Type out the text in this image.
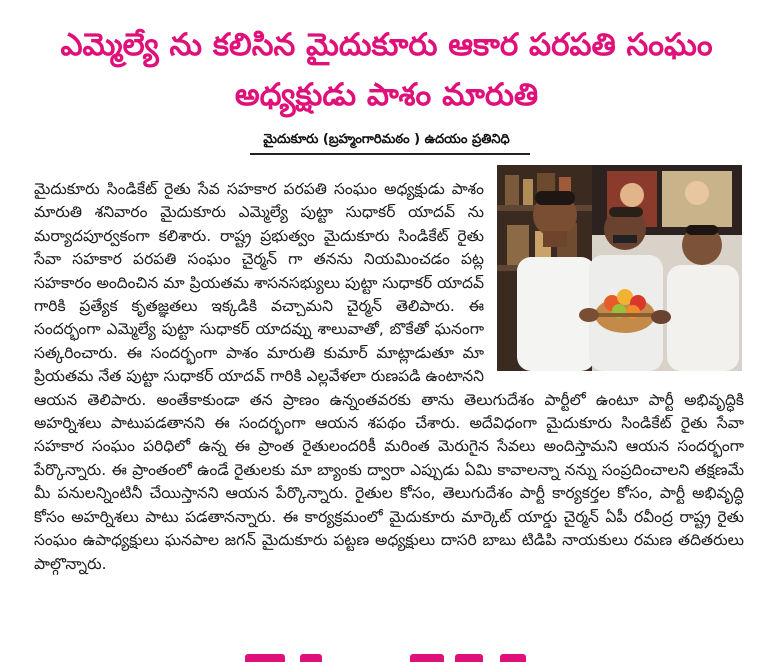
ఎమ్మెల్యే ను కలిసిన మైదుకూరు ఆకార పరపతి సంఘం
అధ్యక్షుడు పాశం మారుతి
మైదుకూరు (బ్రహ్మంగారిమఠం ) ఉదయం ప్రతినిధి
మైదుకూరు సిండికేట్ రైతు సేవ సహకార పరపతి సంఘం అధ్యక్షుడు పాశం మారుతి శనివారం మైదుకూరు ఎమ్మెల్యే పుట్టా సుధాకర్ యాదవ్ ను మర్యాదపూర్వకంగా కలిశారు. రాష్ట్ర ప్రభుత్వం మైదుకూరు సిండికేట్ రైతు సేవా సహకార పరపతి సంఘం చైర్మన్ గా తనను నియమించడం పట్ల సహకారం అందించిన మా ప్రియతమ శాసనసభ్యులు పుట్టా సుధాకర్ యాదవ్ గారికి ప్రత్యేక కృతజ్ఞతలు ఇక్కడికి వచ్చామని చైర్మన్ తెలిపారు. ఈ సందర్భంగా ఎమ్మెల్యే పుట్టా సుధాకర్ యాదవ్ను శాలువాతో, బొకేతో ఘనంగా సత్కరించారు. ఈ సందర్భంగా పాశం మారుతి కుమార్ మాట్లాడుతూ మా ప్రియతమ నేత పుట్టా సుధాకర్ యాదవ్ గారికి ఎల్లవేళలా రుణపడి ఉంటానని ఆయన తెలిపారు. అంతేకాకుండా తన ప్రాణం ఉన్నంతవరకు తాను తెలుగుదేశం పార్టీలో ఉంటూ పార్టీ అభివృద్ధికి అహర్నిశలు పాటుపడతానని ఈ సందర్భంగా ఆయన శపథం చేశారు. అదేవిధంగా మైదుకూరు సిండికేట్ రైతు సేవా సహకార సంఘం పరిధిలో ఉన్న ఈ ప్రాంత రైతులందరికీ మరింత మెరుగైన సేవలు అందిస్తామని ఆయన సందర్భంగా పేర్కొన్నారు. ఈ ప్రాంతంలో ఉండే రైతులకు మా బ్యాంకు ద్వారా ఎప్పుడు ఏమి కావాలన్నా నన్ను సంప్రదించాలని తక్షణమే మీ పనులన్నింటినీ చేయిస్తానని ఆయన పేర్కొన్నారు. రైతుల కోసం, తెలుగుదేశం పార్టీ కార్యకర్తల కోసం, పార్టీ అభివృద్ధి కోసం అహర్నిశలు పాటు పడతానన్నారు. ఈ కార్యక్రమంలో మైదుకూరు మార్కెట్ యార్డు చైర్మన్ ఏపీ రవీంద్ర రాష్ట్ర రైతు సంఘం ఉపాధ్యక్షులు ఘనపాల జగన్ మైదుకూరు పట్టణ అధ్యక్షులు దాసరి బాబు టిడిపి నాయకులు రమణ తదితరులు పాల్గొన్నారు.
